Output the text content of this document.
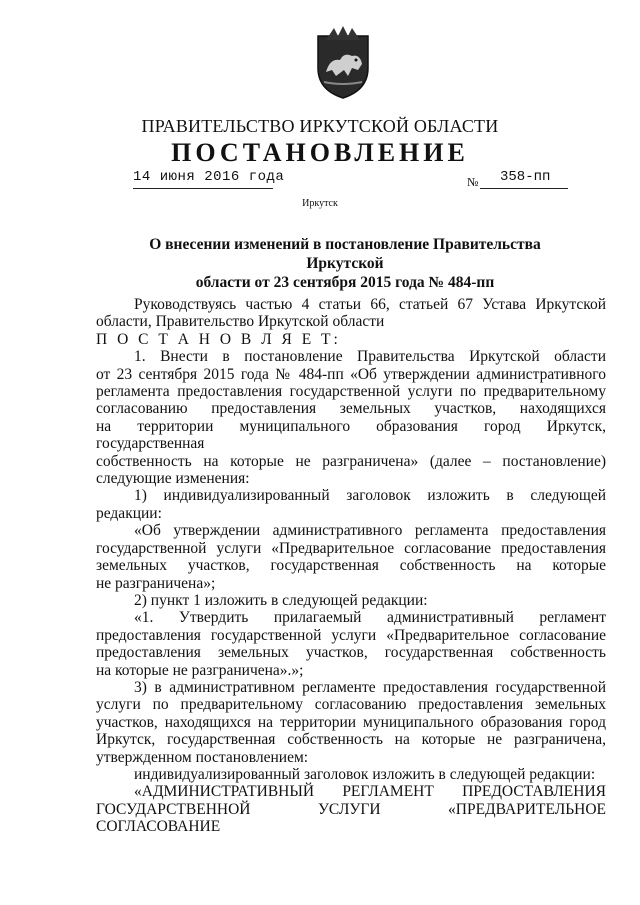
ПРАВИТЕЛЬСТВО ИРКУТСКОЙ ОБЛАСТИ
ПОСТАНОВЛЕНИЕ
14 июня 2016 года	№ 358-пп
Иркутск
О внесении изменений в постановление Правительства Иркутской
области от 23 сентября 2015 года № 484-пп

Руководствуясь частью 4 статьи 66, статьей 67 Устава Иркутской

области, Правительство Иркутской области

П О С Т А Н О В Л Я Е Т:

1. Внести в постановление Правительства Иркутской области

от 23 сентября 2015 года № 484-пп «Об утверждении административного

регламента предоставления государственной услуги по предварительному

согласованию предоставления земельных участков, находящихся

на территории муниципального образования город Иркутск, государственная

собственность на которые не разграничена» (далее – постановление)

следующие изменения:

1) индивидуализированный заголовок изложить в следующей

редакции:

«Об утверждении административного регламента предоставления

государственной услуги «Предварительное согласование предоставления

земельных участков, государственная собственность на которые

не разграничена»;

2) пункт 1 изложить в следующей редакции:

«1. Утвердить прилагаемый административный регламент

предоставления государственной услуги «Предварительное согласование

предоставления земельных участков, государственная собственность

на которые не разграничена».»;

3) в административном регламенте предоставления государственной

услуги по предварительному согласованию предоставления земельных

участков, находящихся на территории муниципального образования город

Иркутск, государственная собственность на которые не разграничена,

утвержденном постановлением:

индивидуализированный заголовок изложить в следующей редакции:

«АДМИНИСТРАТИВНЫЙ РЕГЛАМЕНТ ПРЕДОСТАВЛЕНИЯ

ГОСУДАРСТВЕННОЙ УСЛУГИ «ПРЕДВАРИТЕЛЬНОЕ СОГЛАСОВАНИЕ
